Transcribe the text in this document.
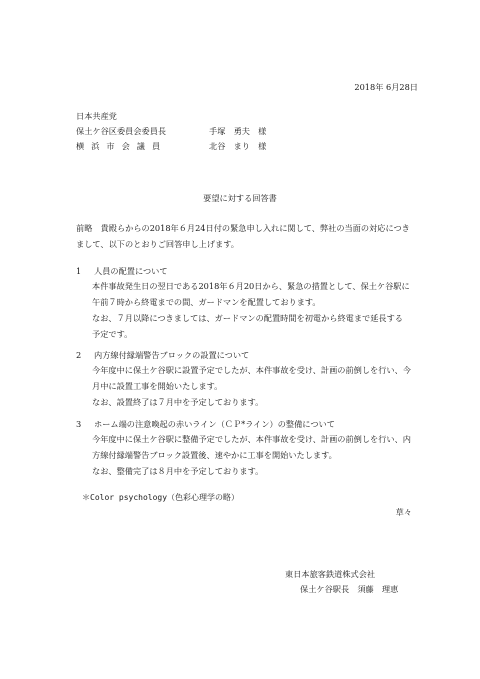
2018年 6月28日
日本共産党
保土ケ谷区委員会委員長	手塚　勇夫　様
横 浜 市 会 議 員	北谷　まり　様
要望に対する回答書

前略　貴殿らからの2018年６月24日付の緊急申し入れに関して、弊社の当面の対応につきまして、以下のとおりご回答申し上げます。

1 人員の配置について

本件事故発生日の翌日である2018年６月20日から、緊急の措置として、保土ケ谷駅に午前７時から終電までの間、ガードマンを配置しております。

なお、７月以降につきましては、ガードマンの配置時間を初電から終電まで延長する予定です。

2 内方線付縁端警告ブロックの設置について

今年度中に保土ケ谷駅に設置予定でしたが、本件事故を受け、計画の前倒しを行い、今月中に設置工事を開始いたします。

なお、設置終了は７月中を予定しております。

3 ホーム端の注意喚起の赤いライン（ＣＰ*ライン）の整備について

今年度中に保土ケ谷駅に整備予定でしたが、本件事故を受け、計画の前倒しを行い、内方線付縁端警告ブロック設置後、速やかに工事を開始いたします。

なお、整備完了は８月中を予定しております。

＊Color psychology（色彩心理学の略）
草々
東日本旅客鉄道株式会社
保土ケ谷駅長　須藤　理恵
